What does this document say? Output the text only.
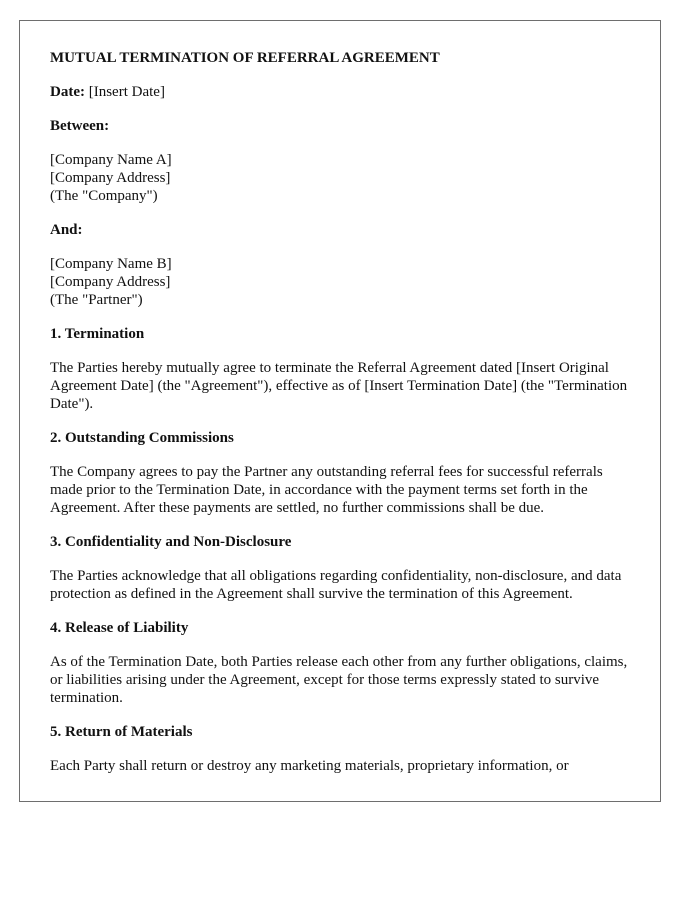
MUTUAL TERMINATION OF REFERRAL AGREEMENT
Date: [Insert Date]
Between:
[Company Name A]
[Company Address]
(The "Company")
And:
[Company Name B]
[Company Address]
(The "Partner")
1. Termination
The Parties hereby mutually agree to terminate the Referral Agreement dated [Insert Original Agreement Date] (the "Agreement"), effective as of [Insert Termination Date] (the "Termination Date").
2. Outstanding Commissions
The Company agrees to pay the Partner any outstanding referral fees for successful referrals made prior to the Termination Date, in accordance with the payment terms set forth in the Agreement. After these payments are settled, no further commissions shall be due.
3. Confidentiality and Non-Disclosure
The Parties acknowledge that all obligations regarding confidentiality, non-disclosure, and data protection as defined in the Agreement shall survive the termination of this Agreement.
4. Release of Liability
As of the Termination Date, both Parties release each other from any further obligations, claims, or liabilities arising under the Agreement, except for those terms expressly stated to survive termination.
5. Return of Materials
Each Party shall return or destroy any marketing materials, proprietary information, or
